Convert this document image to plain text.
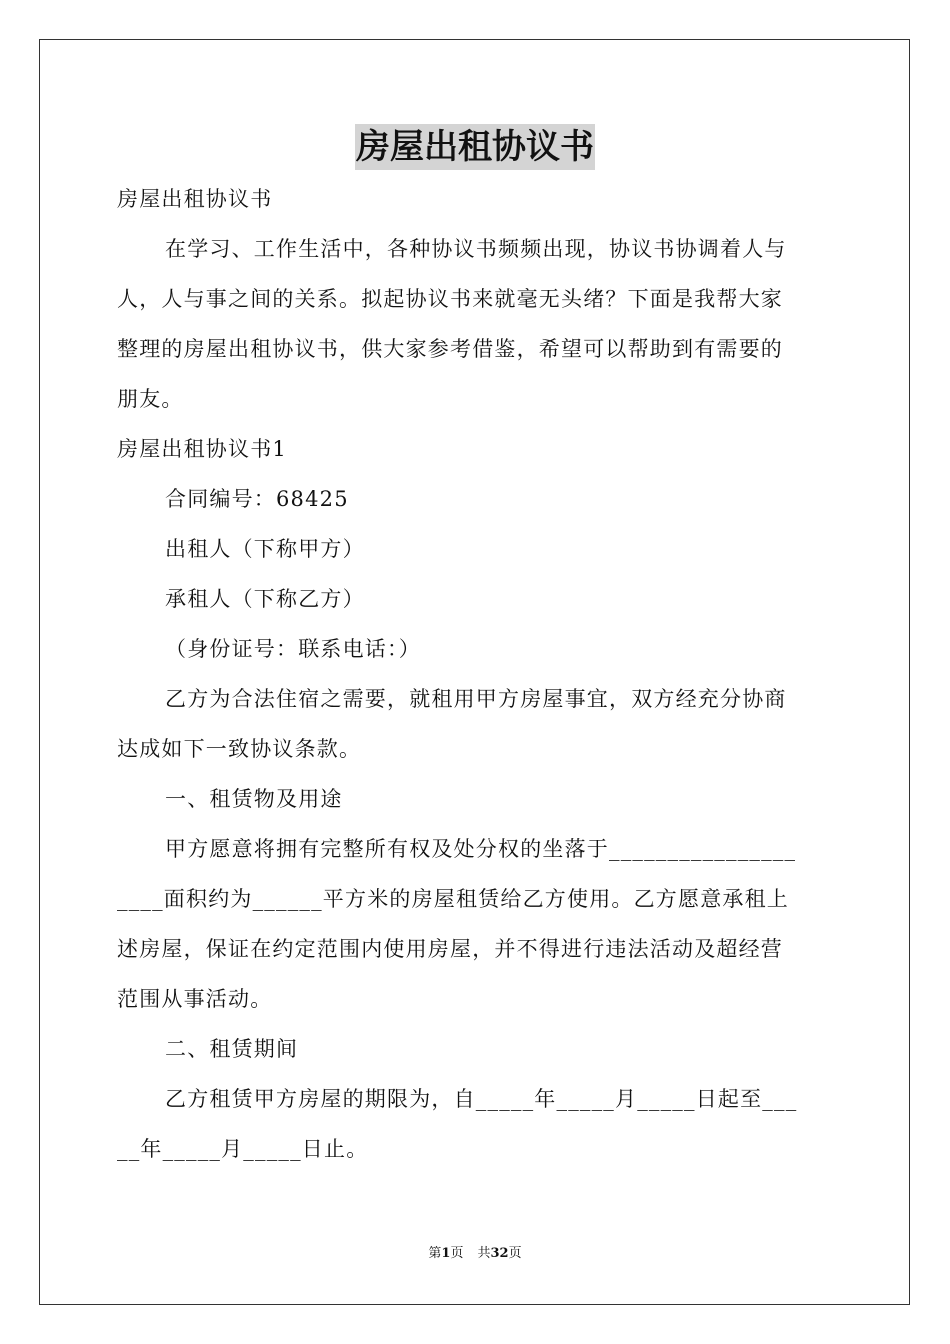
房屋出租协议书
房屋出租协议书
在学习、工作生活中，各种协议书频频出现，协议书协调着人与
人，人与事之间的关系。拟起协议书来就毫无头绪？下面是我帮大家
整理的房屋出租协议书，供大家参考借鉴，希望可以帮助到有需要的
朋友。
房屋出租协议书1
合同编号：68425
出租人（下称甲方）
承租人（下称乙方）
（身份证号：联系电话：）
乙方为合法住宿之需要，就租用甲方房屋事宜，双方经充分协商
达成如下一致协议条款。
一、租赁物及用途
甲方愿意将拥有完整所有权及处分权的坐落于________________
____面积约为______平方米的房屋租赁给乙方使用。乙方愿意承租上
述房屋，保证在约定范围内使用房屋，并不得进行违法活动及超经营
范围从事活动。
二、租赁期间
乙方租赁甲方房屋的期限为，自_____年_____月_____日起至___
__年_____月_____日止。
第1页 共32页
